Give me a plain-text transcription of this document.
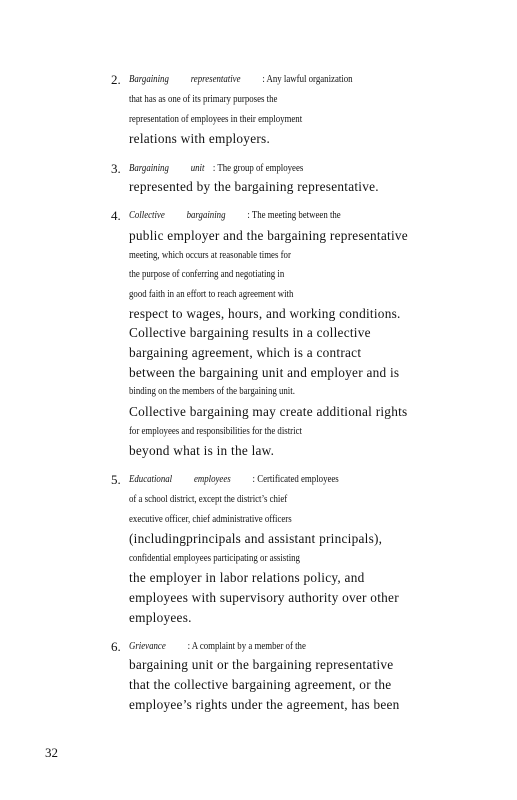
2. Bargaining representative : Any lawful organization
that has as one of its primary purposes the
representation of employees in their employment
relations with employers.
3. Bargaining unit : The group of employees
represented by the bargaining representative.
4. Collective bargaining : The meeting between the
public employer and the bargaining representative
meeting, which occurs at reasonable times for
the purpose of conferring and negotiating in
good faith in an effort to reach agreement with
respect to wages, hours, and working conditions.
Collective bargaining results in a collective
bargaining agreement, which is a contract
between the bargaining unit and employer and is
binding on the members of the bargaining unit.
Collective bargaining may create additional rights
for employees and responsibilities for the district
beyond what is in the law.
5. Educational employees : Certificated employees
of a school district, except the district’s chief
executive officer, chief administrative officers
(includingprincipals and assistant principals),
confidential employees participating or assisting
the employer in labor relations policy, and
employees with supervisory authority over other
employees.
6. Grievance : A complaint by a member of the
bargaining unit or the bargaining representative
that the collective bargaining agreement, or the
employee’s rights under the agreement, has been
32
